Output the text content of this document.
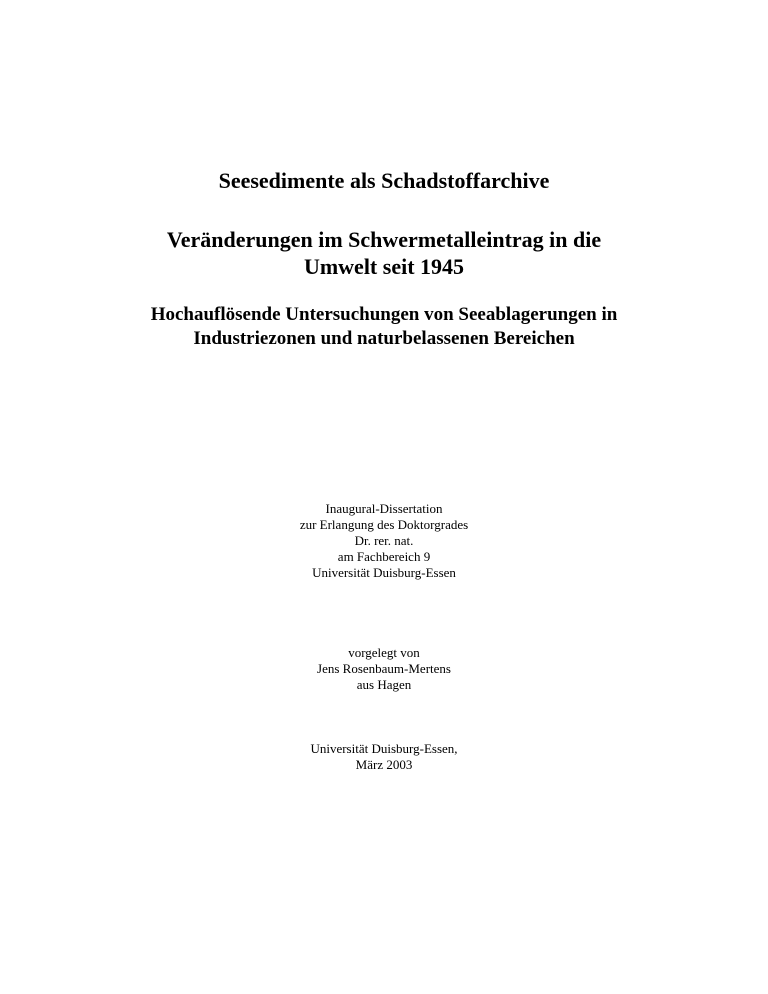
Seesedimente als Schadstoffarchive
Veränderungen im Schwermetalleintrag in die
Umwelt seit 1945
Hochauflösende Untersuchungen von Seeablagerungen in
Industriezonen und naturbelassenen Bereichen
Inaugural-Dissertation
zur Erlangung des Doktorgrades
Dr. rer. nat.
am Fachbereich 9
Universität Duisburg-Essen
vorgelegt von
Jens Rosenbaum-Mertens
aus Hagen
Universität Duisburg-Essen,
März 2003
